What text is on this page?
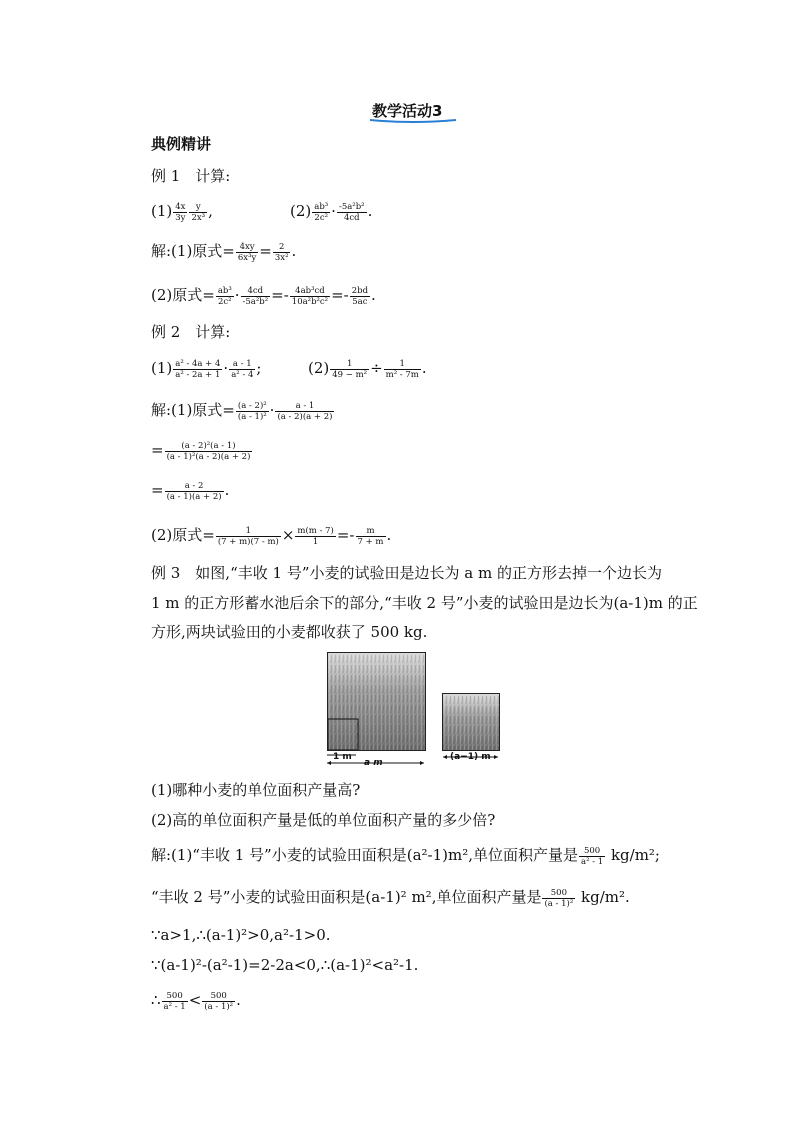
教学活动3
典例精讲
例 1　计算:
$(1) \frac{4x}{3y} \frac{y}{\text{2x³}}$ ,	$(2) \frac{\text{ab³}}{\text{2c²}} \cdot \frac{\text{-5a²b²}}{4cd}$ .
解:(1)原式= $\frac{4xy}{\text{6x³y}} = \frac{2}{\text{3x²}}$ .
(2)原式= $\frac{\text{ab³}}{\text{2c²}} \cdot \frac{4cd}{\text{-5a²b²}} =- \frac{\text{4ab³cd}}{\text{10a²b²c²}} =- \frac{2bd}{5ac}$ .
例 2　计算:
$(1) \frac{\text{a² - 4a + 4}}{\text{a² - 2a + 1}} \cdot \frac{a - 1}{\text{a² - 4}}$ ;	$(2) \frac{1}{\text{49 − m²}} \div \frac{1}{\text{m² - 7m}}$ .
解:(1)原式= $\frac{\text{(a - 2)²}}{\text{(a - 1)²}} \cdot \frac{a - 1}{(a - 2)(a + 2)}$
= $\frac{\text{(a - 2)²(a - 1)}}{\text{(a - 1)²(a - 2)(a + 2)}}$
= $\frac{a - 2}{(a - 1)(a + 2)}$ .
(2)原式= $\frac{1}{(7 + m)(7 - m)} \times \frac{m(m - 7)}{1} =- \frac{m}{7 + m}$ .
例 3　如图,“丰收 1 号”小麦的试验田是边长为 a m 的正方形去掉一个边长为
1 m 的正方形蓄水池后余下的部分,“丰收 2 号”小麦的试验田是边长为(a-1)m 的正
方形,两块试验田的小麦都收获了 500 kg.
1 m
a m
(a−1) m
(1)哪种小麦的单位面积产量高?
(2)高的单位面积产量是低的单位面积产量的多少倍?
解:(1)“丰收 1 号”小麦的试验田面积是(a²-1)m²,单位面积产量是 $\frac{500}{\text{a² - 1}} kg/m^2$;
“丰收 2 号”小麦的试验田面积是(a-1)² m²,单位面积产量是 $\frac{500}{\text{(a - 1)²}} kg/m^2$.
∵a>1,∴(a-1)²>0,a²-1>0.
∵(a-1)²-(a²-1)=2-2a<0,∴(a-1)²<a²-1.
∴ $\frac{500}{\text{a² - 1}} < \frac{500}{\text{(a - 1)²}}$ .
